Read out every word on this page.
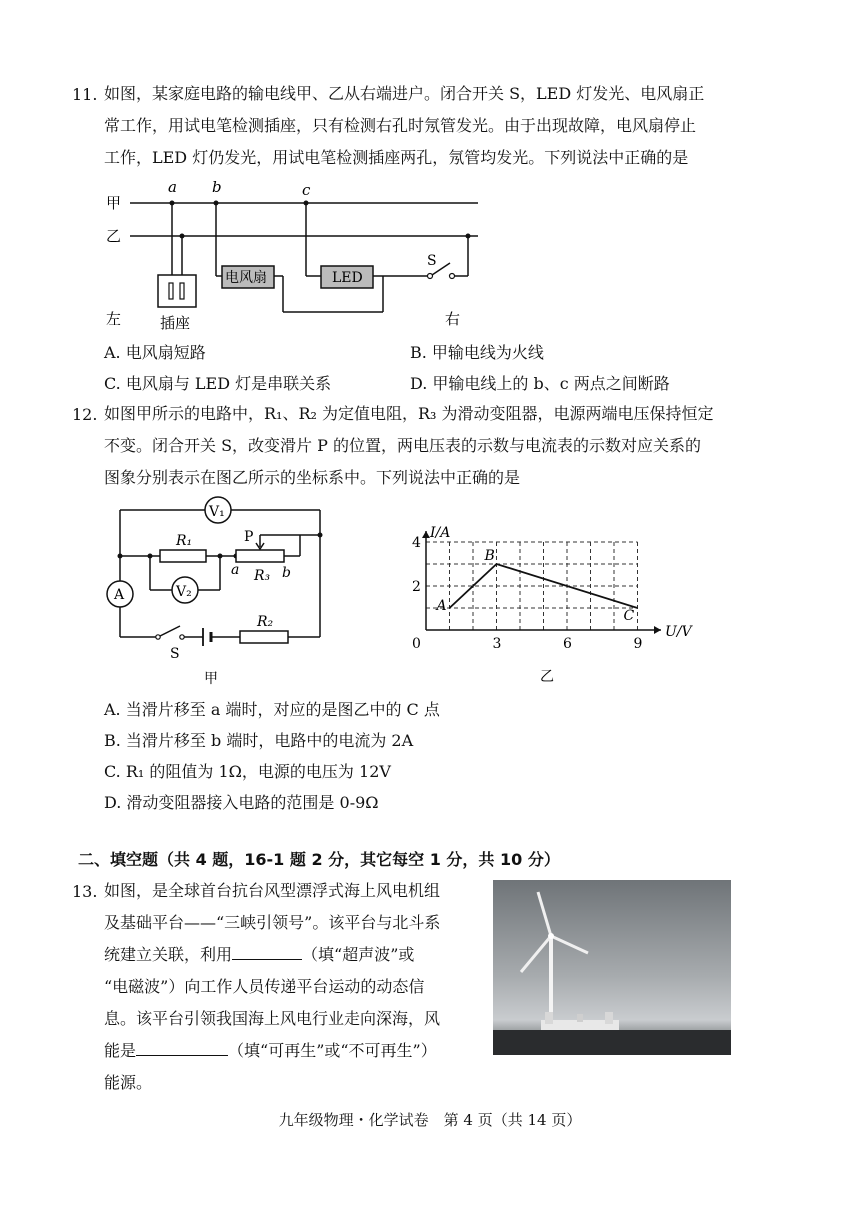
11. 如图，某家庭电路的输电线甲、乙从右端进户。闭合开关 S，LED 灯发光、电风扇正
常工作，用试电笔检测插座，只有检测右孔时氖管发光。由于出现故障，电风扇停止
工作，LED 灯仍发光，用试电笔检测插座两孔，氖管均发光。下列说法中正确的是
甲
乙
a b	c
插座
电风扇	LED
S
左	右
A. 电风扇短路	B. 甲输电线为火线
C. 电风扇与 LED 灯是串联关系	D. 甲输电线上的 b、c 两点之间断路
12. 如图甲所示的电路中，R₁、R₂ 为定值电阻，R₃ 为滑动变阻器，电源两端电压保持恒定
不变。闭合开关 S，改变滑片 P 的位置，两电压表的示数与电流表的示数对应关系的
图象分别表示在图乙所示的坐标系中。下列说法中正确的是
V₁
A
R₁
R₃
a	b
P
V₂
S
R₂
甲
U/V
I/A
0	3	6	9
2
4
A
B
C
乙
A. 当滑片移至 a 端时，对应的是图乙中的 C 点
B. 当滑片移至 b 端时，电路中的电流为 2A
C. R₁ 的阻值为 1Ω，电源的电压为 12V
D. 滑动变阻器接入电路的范围是 0-9Ω
二、填空题（共 4 题，16-1 题 2 分，其它每空 1 分，共 10 分）
13. 如图，是全球首台抗台风型漂浮式海上风电机组
及基础平台——“三峡引领号”。该平台与北斗系
统建立关联，利用	（填“超声波”或
“电磁波”）向工作人员传递平台运动的动态信
息。该平台引领我国海上风电行业走向深海，风
能是	（填“可再生”或“不可再生”）
能源。
九年级物理・化学试卷　第 4 页（共 14 页）
